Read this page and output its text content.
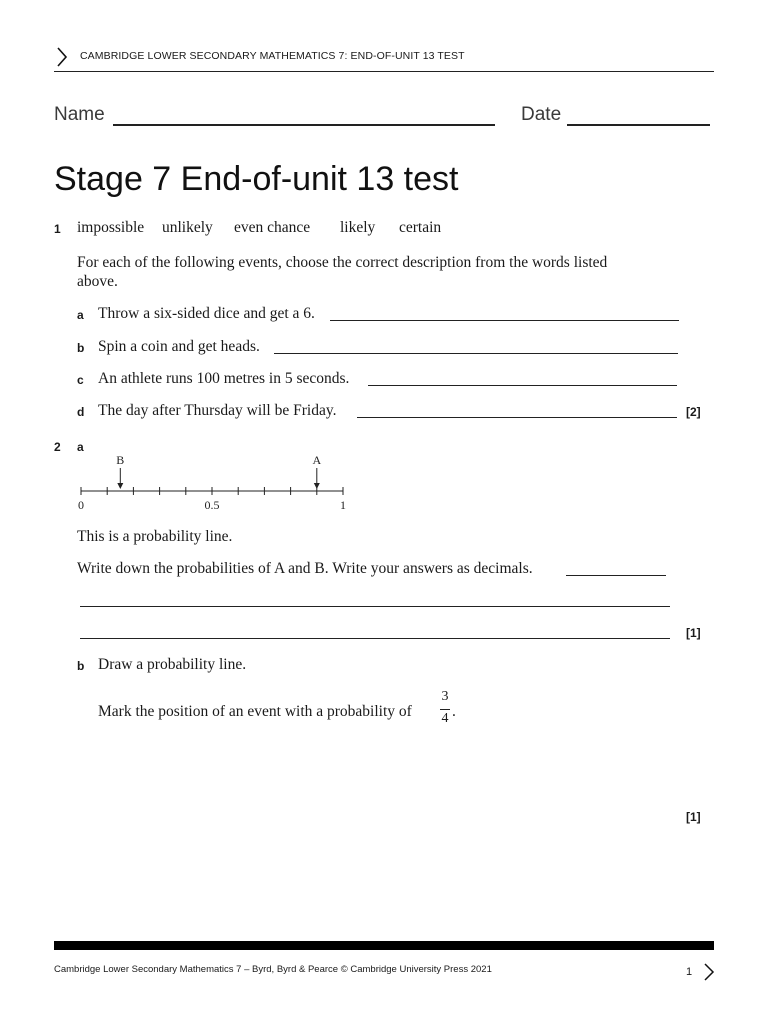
CAMBRIDGE LOWER SECONDARY MATHEMATICS 7: END-OF-UNIT 13 TEST
Name	Date
Stage 7 End-of-unit 13 test
1 impossible unlikely even chance likely certain
For each of the following events, choose the correct description from the words listed
above.
a Throw a six-sided dice and get a 6.
b Spin a coin and get heads.
c An athlete runs 100 metres in 5 seconds.
d The day after Thursday will be Friday.	[2]
2 a
0	0.5	1
B	A
This is a probability line.
Write down the probabilities of A and B. Write your answers as decimals.
[1]
b Draw a probability line.
Mark the position of an event with a probability of
3
4 .
[1]
Cambridge Lower Secondary Mathematics 7 – Byrd, Byrd & Pearce © Cambridge University Press 2021	1
